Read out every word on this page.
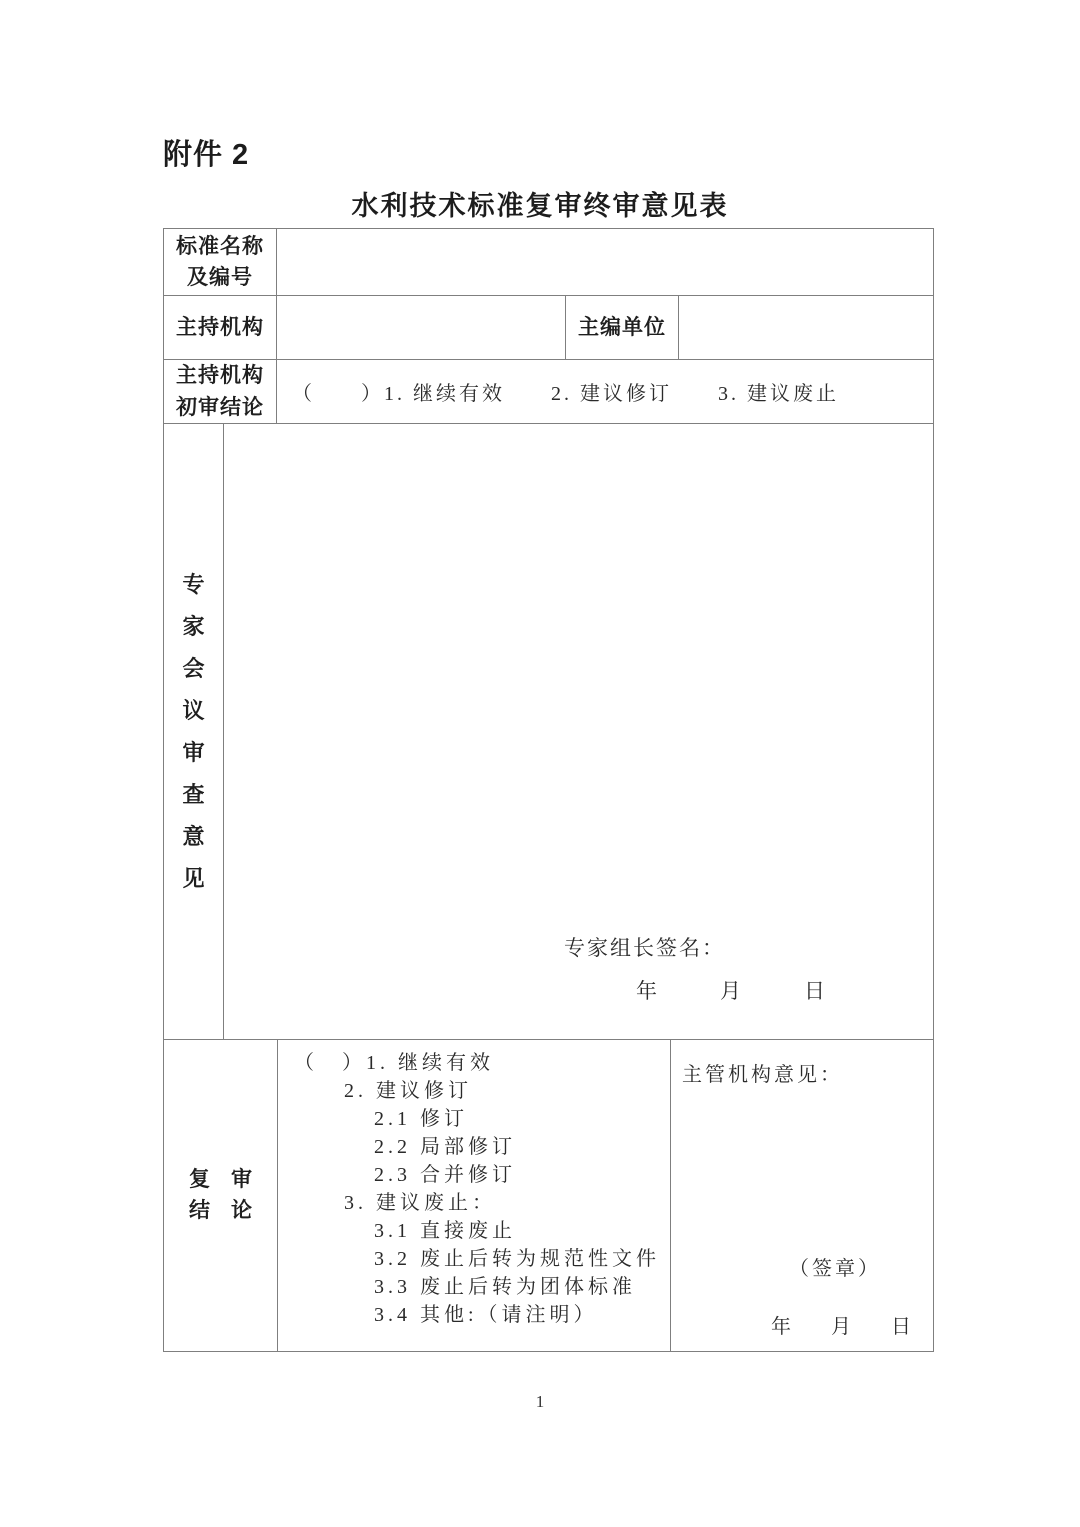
附件 2
水利技术标准复审终审意见表
标准名称
及编号
主持机构	主编单位
主持机构
初审结论
（　　）1. 继续有效　　2. 建议修订　　3. 建议废止
专家会议审查意见
专家组长签名：
年　　　月　　　日
复　审
结　论
（　）1. 继续有效
2. 建议修订
2.1 修订
2.2 局部修订
2.3 合并修订
3. 建议废止：
3.1 直接废止
3.2 废止后转为规范性文件
3.3 废止后转为团体标准
3.4 其他:（请注明）
主管机构意见：
（签章）
年　　月　　日
1
